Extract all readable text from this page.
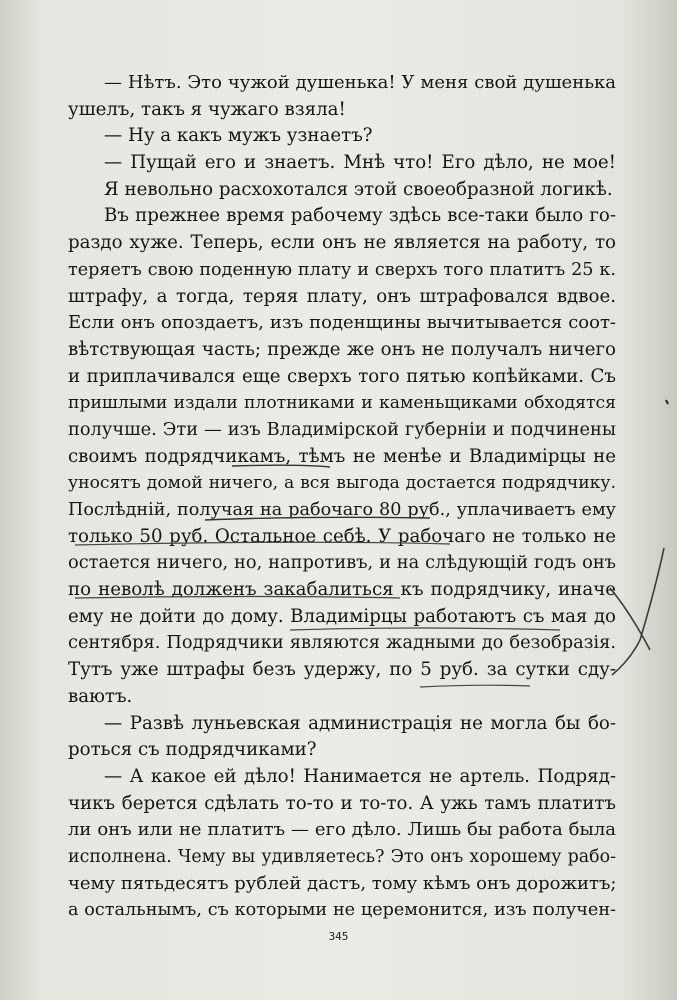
— Нѣтъ. Это чужой душенька! У меня свой душенька
ушелъ, такъ я чужаго взяла!
— Ну а какъ мужъ узнаетъ?
— Пущай его и знаетъ. Мнѣ что! Его дѣло, не мое!
Я невольно расхохотался этой своеобразной логикѣ.
Въ прежнее время рабочему здѣсь все-таки было го-
раздо хуже. Теперь, если онъ не является на работу, то
теряетъ свою поденную плату и сверхъ того платитъ 25 к.
штрафу, а тогда, теряя плату, онъ штрафовался вдвое.
Если онъ опоздаетъ, изъ поденщины вычитывается соот-
вѣтствующая часть; прежде же онъ не получалъ ничего
и приплачивался еще сверхъ того пятью копѣйками. Съ
пришлыми издали плотниками и каменьщиками обходятся
получше. Эти — изъ Владимірской губерніи и подчинены
своимъ подрядчикамъ, тѣмъ не менѣе и Владимірцы не
уносятъ домой ничего, а вся выгода достается подрядчику.
Послѣдній, получая на рабочаго 80 руб., уплачиваетъ ему
только 50 руб. Остальное себѣ. У рабочаго не только не
остается ничего, но, напротивъ, и на слѣдующій годъ онъ
по неволѣ долженъ закабалиться къ подрядчику, иначе
ему не дойти до дому. Владимірцы работаютъ съ мая до
сентября. Подрядчики являются жадными до безобразія.
Тутъ уже штрафы безъ удержу, по 5 руб. за сутки сду-
ваютъ.
— Развѣ луньевская администрація не могла бы бо-
роться съ подрядчиками?
— А какое ей дѣло! Нанимается не артель. Подряд-
чикъ берется сдѣлать то-то и то-то. А ужь тамъ платитъ
ли онъ или не платитъ — его дѣло. Лишь бы работа была
исполнена. Чему вы удивляетесь? Это онъ хорошему рабо-
чему пятьдесятъ рублей дастъ, тому кѣмъ онъ дорожитъ;
а остальнымъ, съ которыми не церемонится, изъ получен-
345
